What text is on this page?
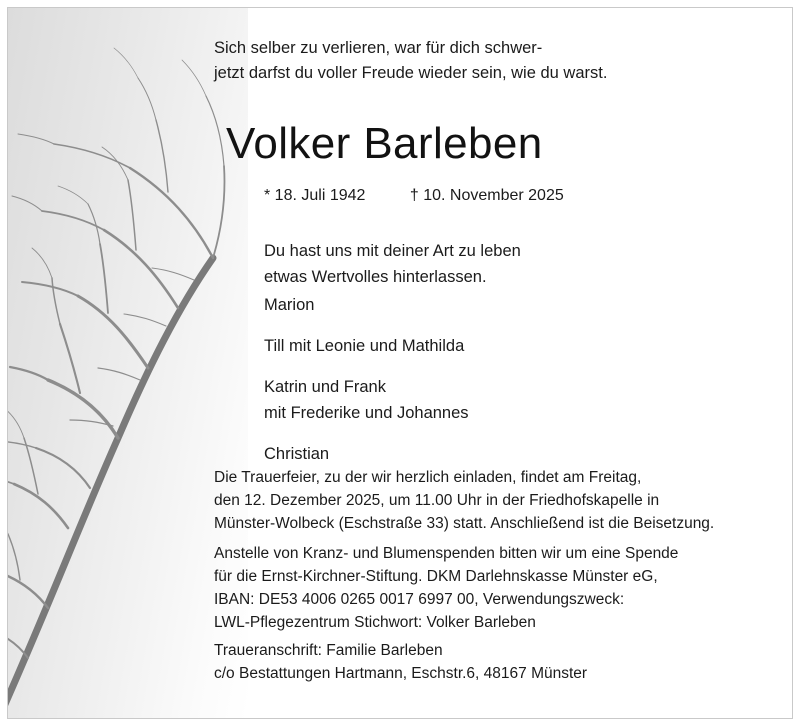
Sich selber zu verlieren, war für dich schwer-
jetzt darfst du voller Freude wieder sein, wie du warst.
Volker Barleben
* 18. Juli 1942	† 10. November 2025
Du hast uns mit deiner Art zu leben
etwas Wertvolles hinterlassen.
Marion
Till mit Leonie und Mathilda
Katrin und Frank
mit Frederike und Johannes
Christian
Die Trauerfeier, zu der wir herzlich einladen, findet am Freitag,
den 12. Dezember 2025, um 11.00 Uhr in der Friedhofskapelle in
Münster-Wolbeck (Eschstraße 33) statt. Anschließend ist die Beisetzung.
Anstelle von Kranz- und Blumenspenden bitten wir um eine Spende
für die Ernst-Kirchner-Stiftung. DKM Darlehnskasse Münster eG,
IBAN: DE53 4006 0265 0017 6997 00, Verwendungszweck:
LWL-Pflegezentrum Stichwort: Volker Barleben
Traueranschrift: Familie Barleben
c/o Bestattungen Hartmann, Eschstr.6, 48167 Münster
